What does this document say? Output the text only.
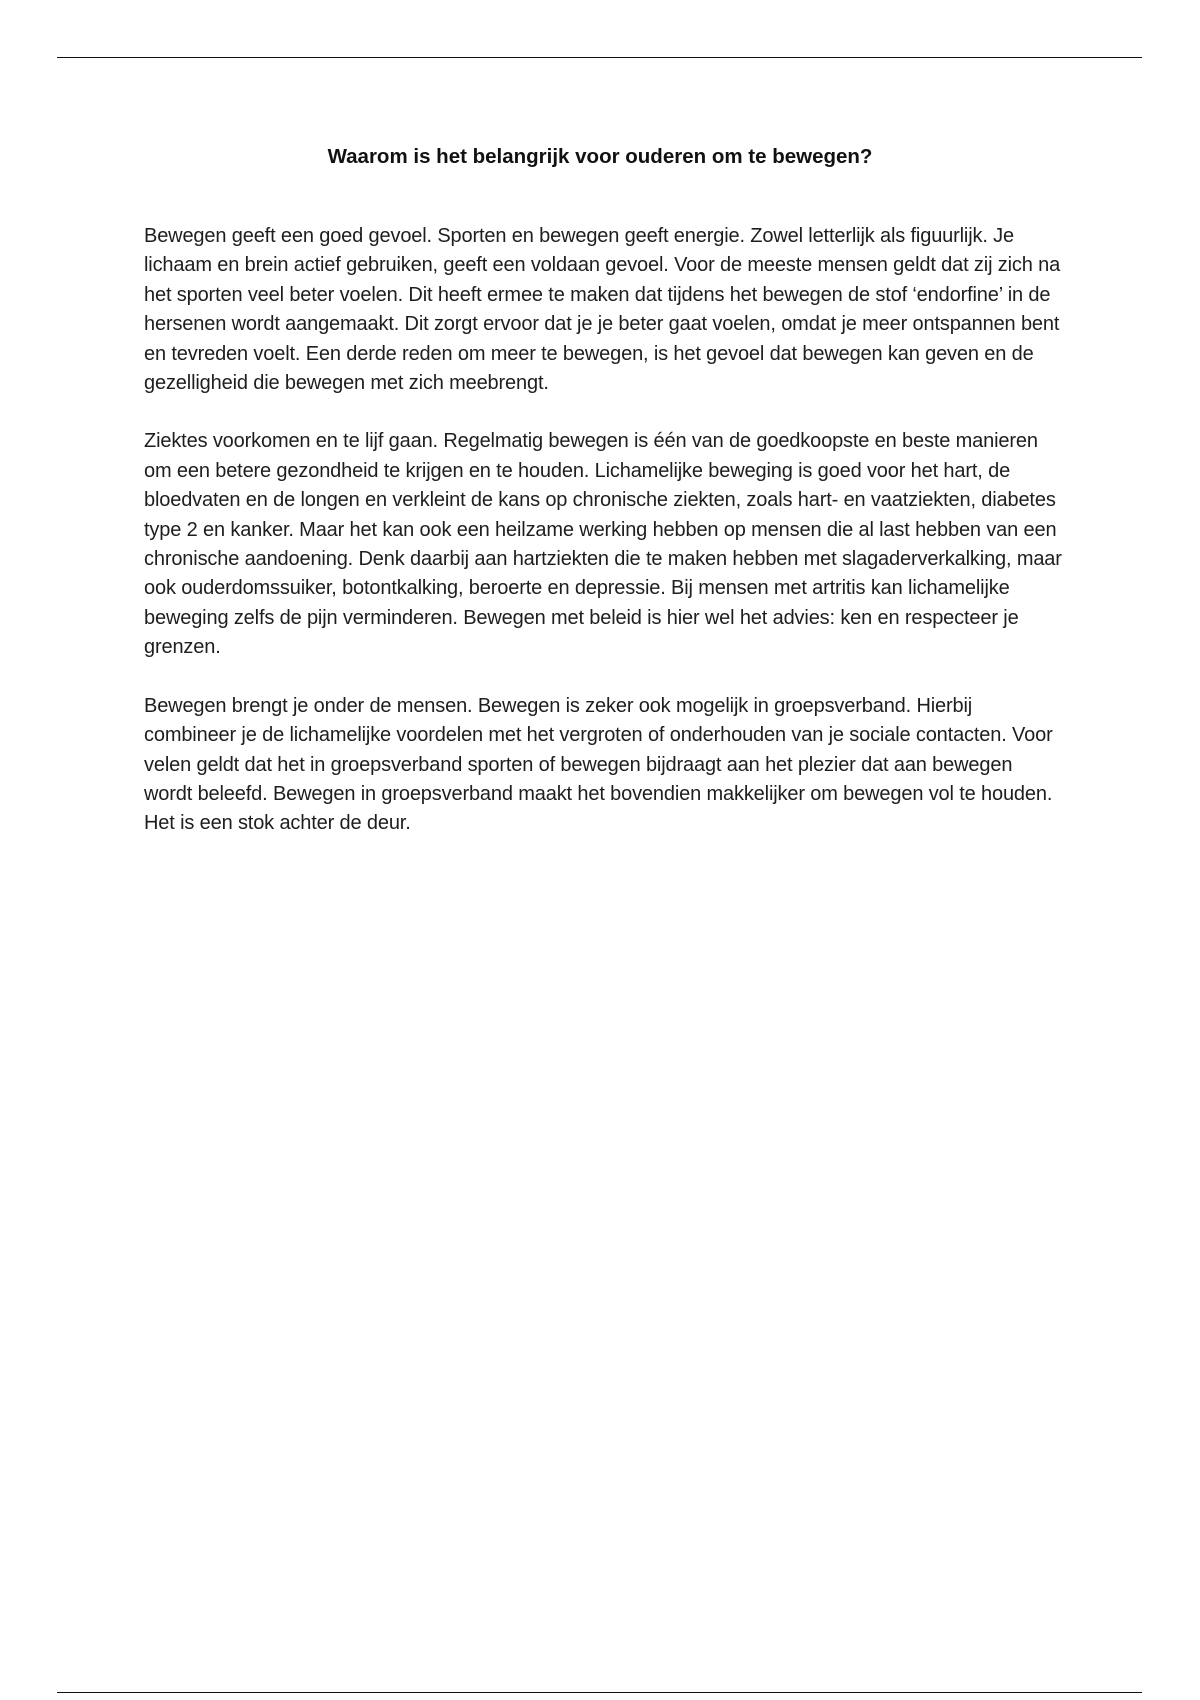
Waarom is het belangrijk voor ouderen om te bewegen?

Bewegen geeft een goed gevoel. Sporten en bewegen geeft energie. Zowel letterlijk als figuurlijk. Je lichaam en brein actief gebruiken, geeft een voldaan gevoel. Voor de meeste mensen geldt dat zij zich na het sporten veel beter voelen. Dit heeft ermee te maken dat tijdens het bewegen de stof ‘endorfine’ in de hersenen wordt aangemaakt. Dit zorgt ervoor dat je je beter gaat voelen, omdat je meer ontspannen bent en tevreden voelt. Een derde reden om meer te bewegen, is het gevoel dat bewegen kan geven en de gezelligheid die bewegen met zich meebrengt.

Ziektes voorkomen en te lijf gaan. Regelmatig bewegen is één van de goedkoopste en beste manieren om een betere gezondheid te krijgen en te houden. Lichamelijke beweging is goed voor het hart, de bloedvaten en de longen en verkleint de kans op chronische ziekten, zoals hart- en vaatziekten, diabetes type 2 en kanker. Maar het kan ook een heilzame werking hebben op mensen die al last hebben van een chronische aandoening. Denk daarbij aan hartziekten die te maken hebben met slagaderverkalking, maar ook ouderdomssuiker, botontkalking, beroerte en depressie. Bij mensen met artritis kan lichamelijke beweging zelfs de pijn verminderen. Bewegen met beleid is hier wel het advies: ken en respecteer je grenzen.

Bewegen brengt je onder de mensen. Bewegen is zeker ook mogelijk in groepsverband. Hierbij combineer je de lichamelijke voordelen met het vergroten of onderhouden van je sociale contacten. Voor velen geldt dat het in groepsverband sporten of bewegen bijdraagt aan het plezier dat aan bewegen wordt beleefd. Bewegen in groepsverband maakt het bovendien makkelijker om bewegen vol te houden. Het is een stok achter de deur.
